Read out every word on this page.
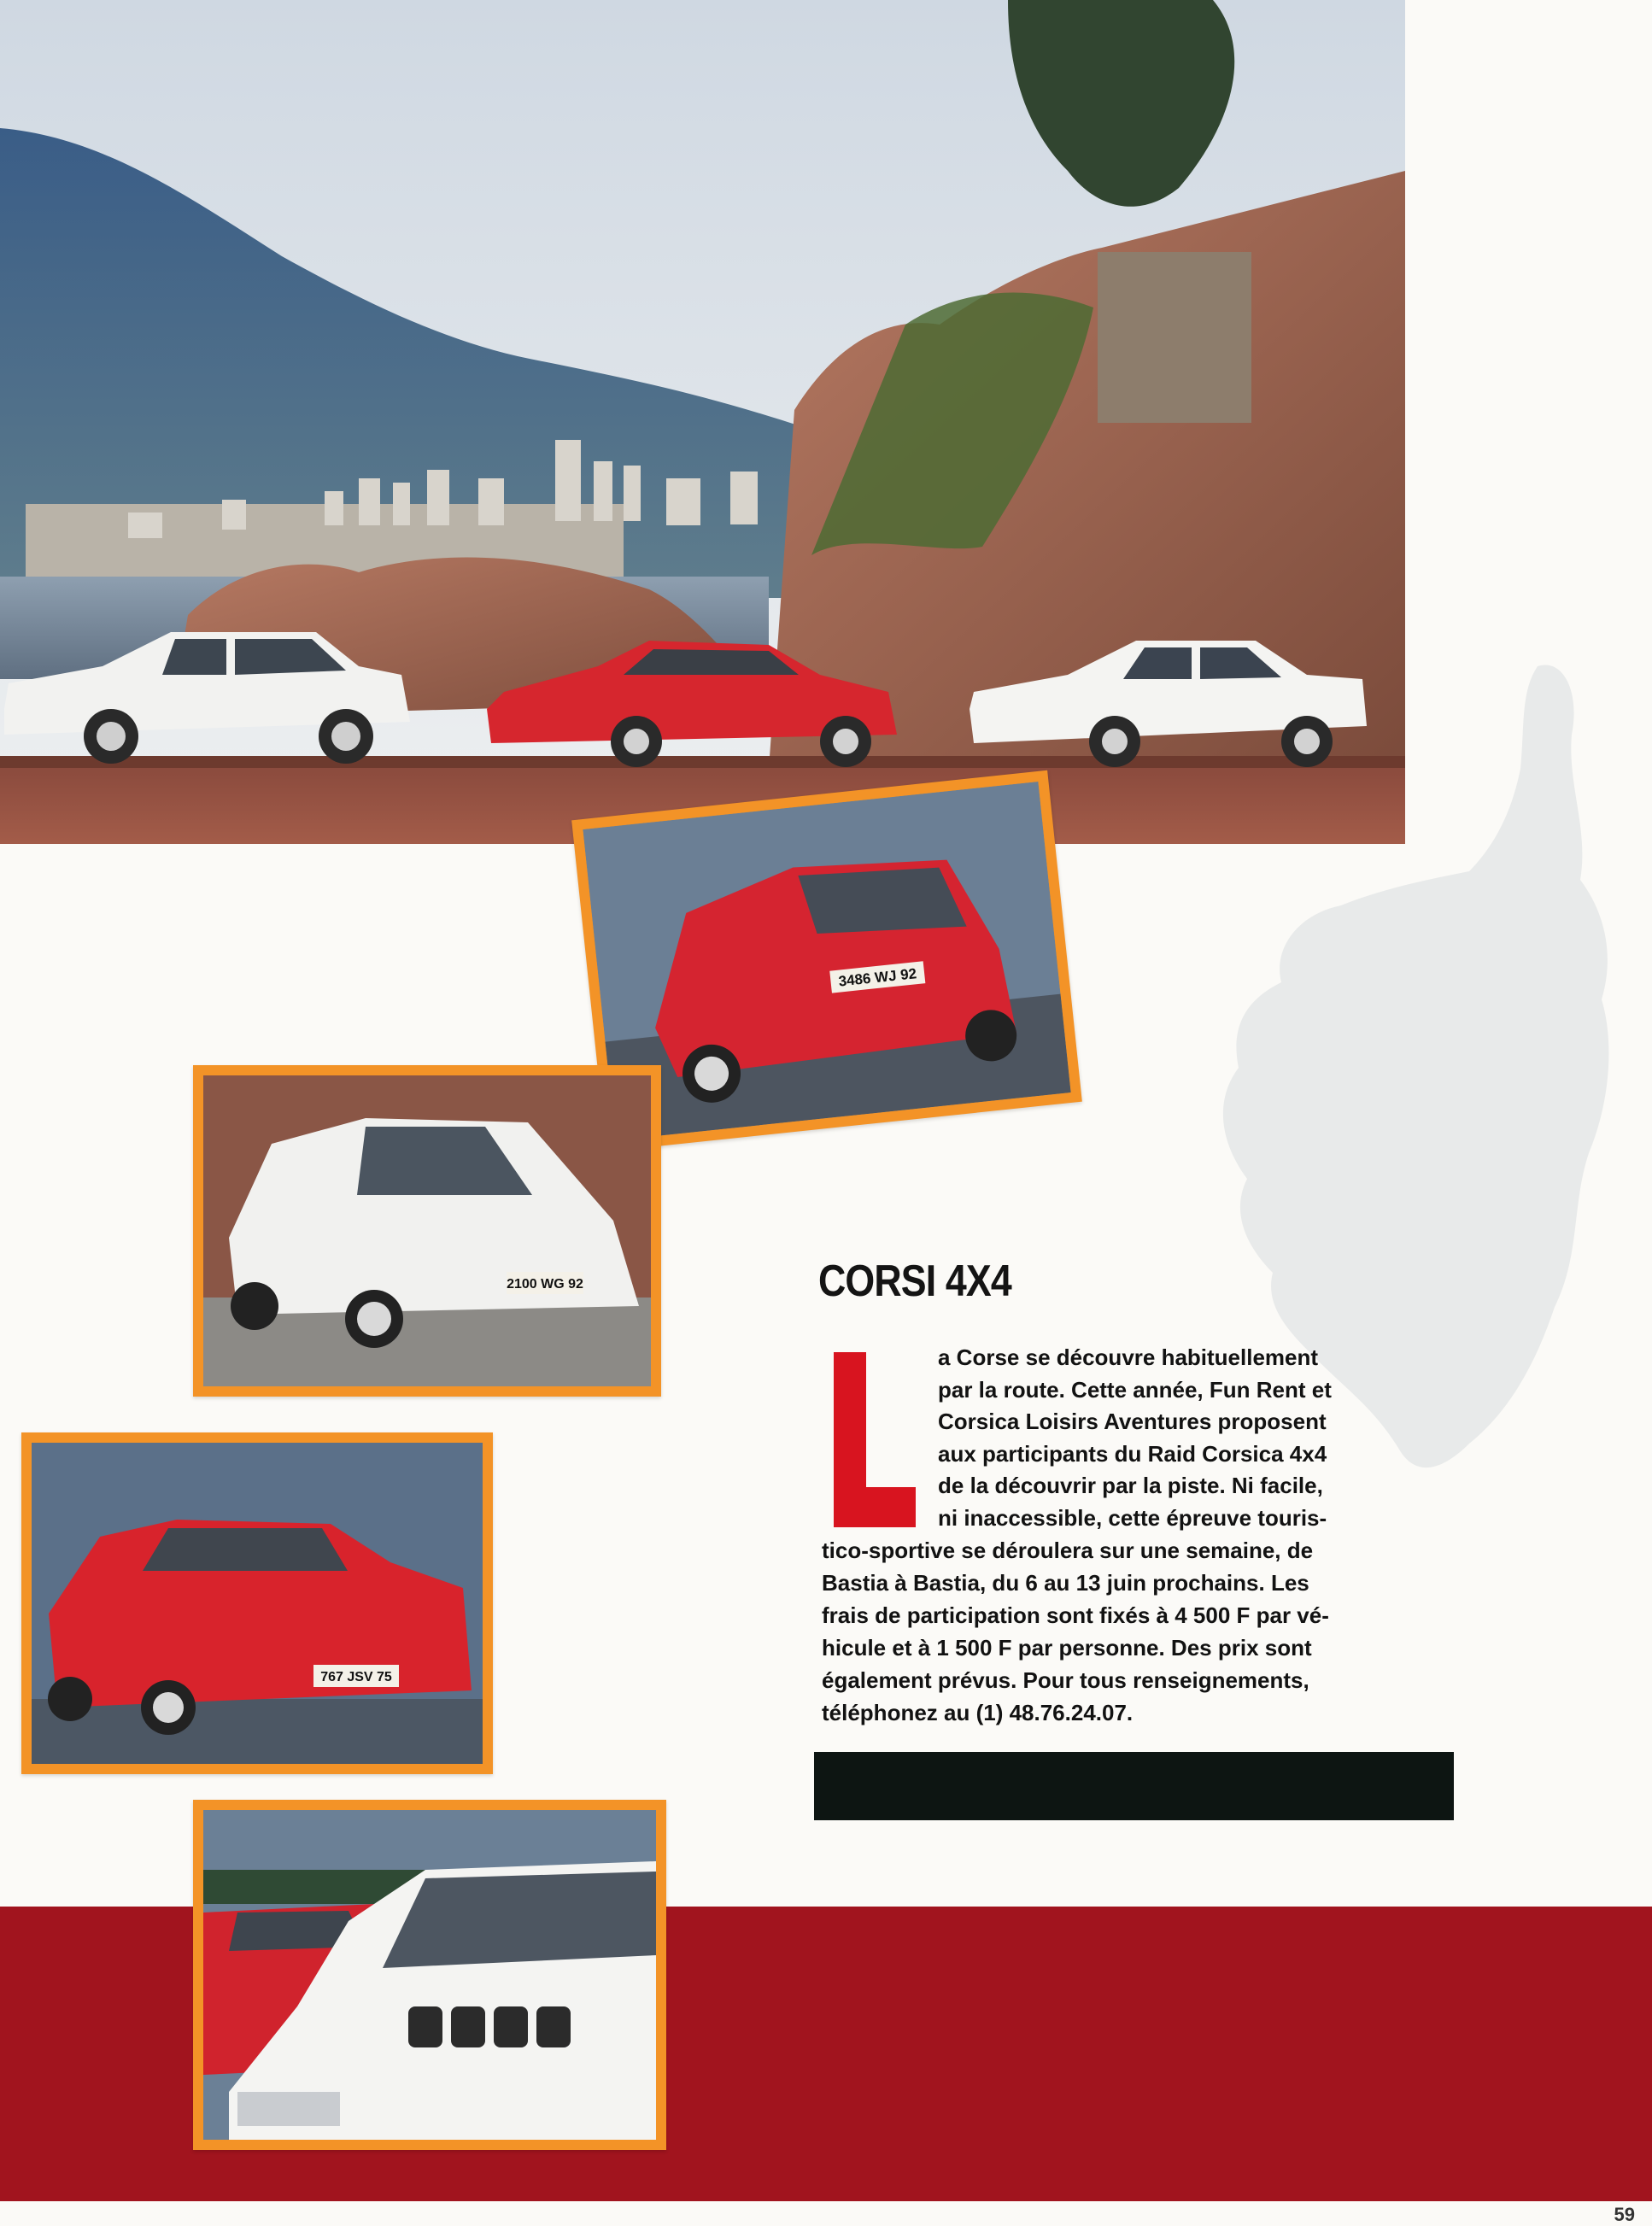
3486 WJ 92
2100 WG 92
767 JSV 75
CORSI 4X4

a Corse se découvre habituellement

par la route. Cette année, Fun Rent et

Corsica Loisirs Aventures proposent

aux participants du Raid Corsica 4x4

de la découvrir par la piste. Ni facile,

ni inaccessible, cette épreuve touris-

tico-sportive se déroulera sur une semaine, de

Bastia à Bastia, du 6 au 13 juin prochains. Les

frais de participation sont fixés à 4 500 F par vé-

hicule et à 1 500 F par personne. Des prix sont

également prévus. Pour tous renseignements,

téléphonez au (1) 48.76.24.07.

59
